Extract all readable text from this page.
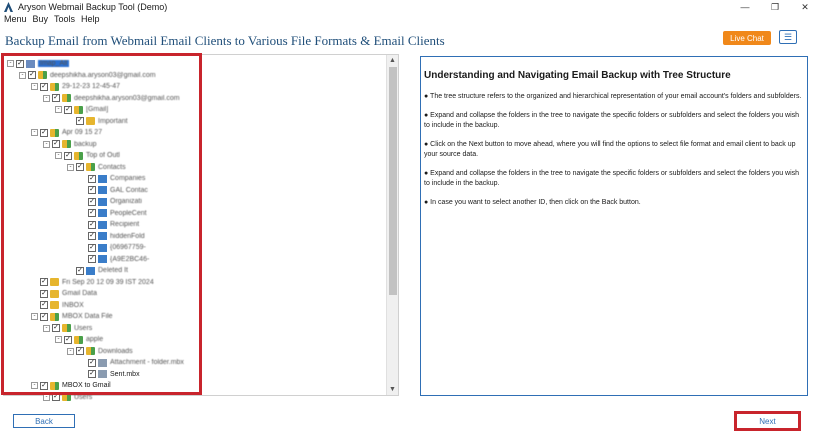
Aryson Webmail Backup Tool (Demo)	—	❐	✕
Menu Buy Tools Help
Backup Email from Webmail Email Clients to Various File Formats & Email Clients	Live Chat	☰
▲
▼
- ✓ Imap_All
- ✓ deepshikha.aryson03@gmail.com
- ✓ 29-12-23 12-45-47
- ✓ deepshikha.aryson03@gmail.com
- ✓ [Gmail]
✓ Important
- ✓ Apr 09 15 27
- ✓ backup
- ✓ Top of Outl
- ✓ Contacts
✓ Companies
✓ GAL Contac
✓ Organizati
✓ PeopleCent
✓ Recipient
✓ hiddenFold
✓ {06967759-
✓ {A9E2BC46-
✓ Deleted It
✓ Fri Sep 20 12 09 39 IST 2024
✓ Gmail Data
✓ INBOX
- ✓ MBOX Data File
- ✓ Users
- ✓ apple
- ✓ Downloads
✓ Attachment - folder.mbx
✓ Sent.mbx
- ✓ MBOX to Gmail
- ✓ Users
Understanding and Navigating Email Backup with Tree Structure

● The tree structure refers to the organized and hierarchical representation of your email account's folders and subfolders.

● Expand and collapse the folders in the tree to navigate the specific folders or subfolders and select the folders you wish to include in the backup.

● Click on the Next button to move ahead, where you will find the options to select file format and email client to back up your source data.

● Expand and collapse the folders in the tree to navigate the specific folders or subfolders and select the folders you wish to include in the backup.

● In case you want to select another ID, then click on the Back button.

Back	Next
